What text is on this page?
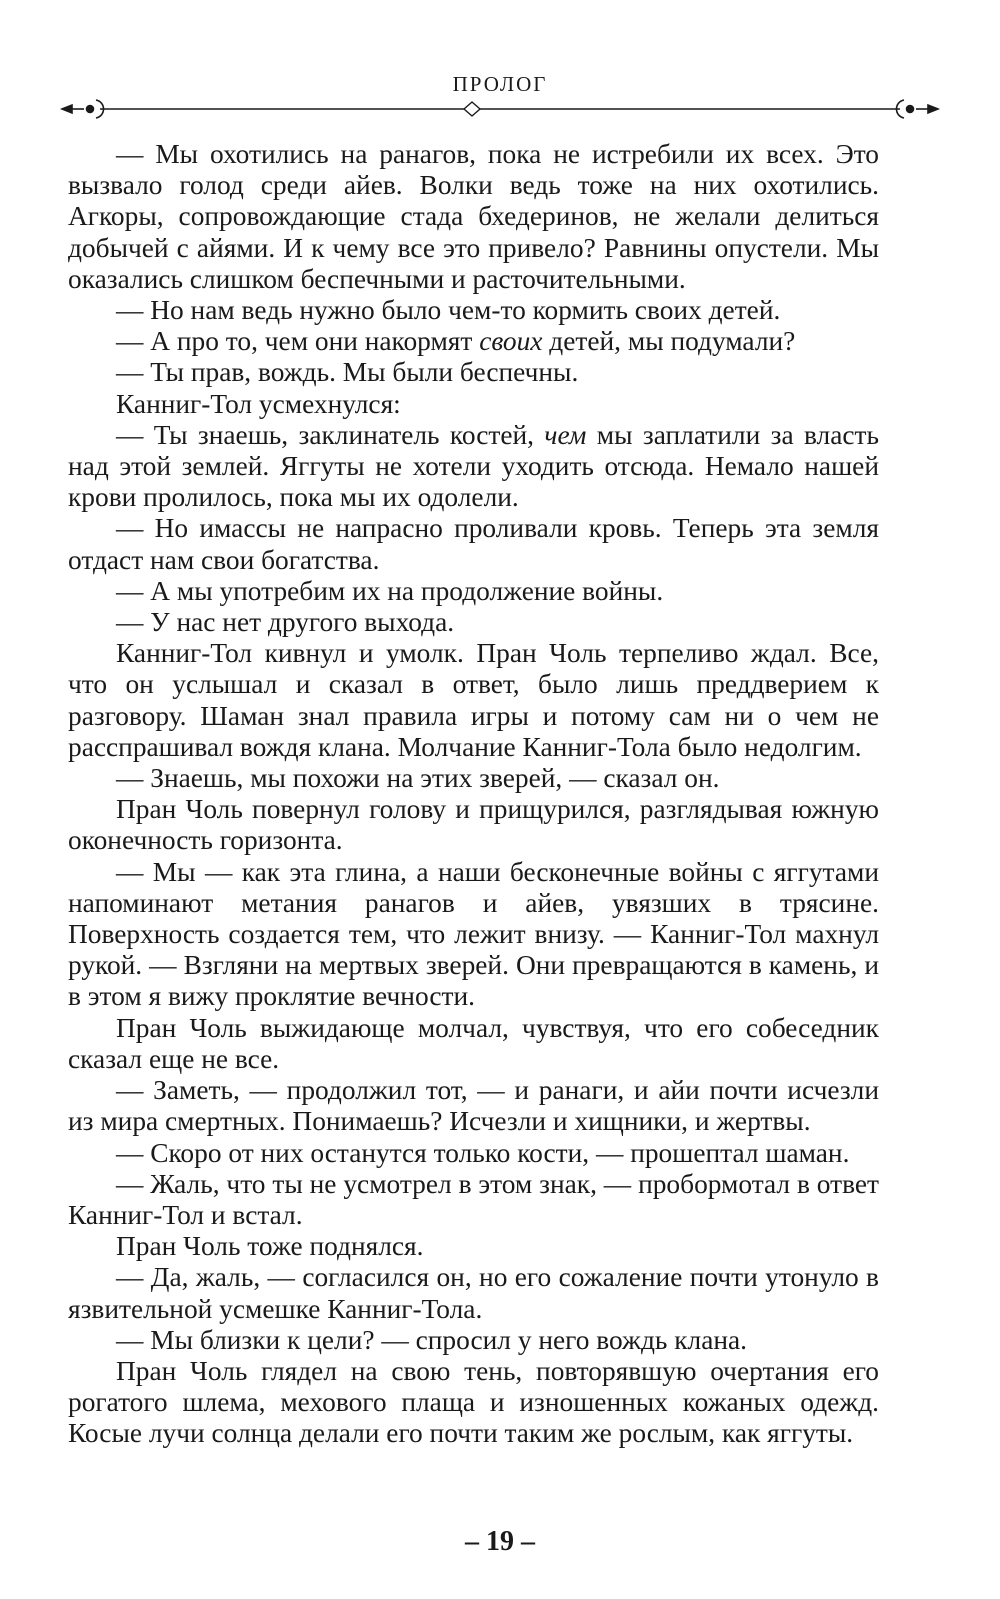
ПРОЛОГ

— Мы охотились на ранагов, пока не истребили их всех. Это вызвало голод среди айев. Волки ведь тоже на них охотились. Агкоры, сопровождающие стада бхедеринов, не желали делиться добычей с айями. И к чему все это привело? Равнины опустели. Мы оказались слишком беспечными и расточительными.

— Но нам ведь нужно было чем-то кормить своих детей.

— А про то, чем они накормят своих детей, мы подумали?

— Ты прав, вождь. Мы были беспечны.

Канниг-Тол усмехнулся:

— Ты знаешь, заклинатель костей, чем мы заплатили за власть над этой землей. Яггуты не хотели уходить отсюда. Немало нашей крови пролилось, пока мы их одолели.

— Но имассы не напрасно проливали кровь. Теперь эта земля отдаст нам свои богатства.

— А мы употребим их на продолжение войны.

— У нас нет другого выхода.

Канниг-Тол кивнул и умолк. Пран Чоль терпеливо ждал. Все, что он услышал и сказал в ответ, было лишь преддверием к разговору. Шаман знал правила игры и потому сам ни о чем не расспрашивал вождя клана. Молчание Канниг-Тола было недолгим.

— Знаешь, мы похожи на этих зверей, — сказал он.

Пран Чоль повернул голову и прищурился, разглядывая южную оконечность горизонта.

— Мы — как эта глина, а наши бесконечные войны с яггутами напоминают метания ранагов и айев, увязших в трясине. Поверхность создается тем, что лежит внизу. — Канниг-Тол махнул рукой. — Взгляни на мертвых зверей. Они превращаются в камень, и в этом я вижу проклятие вечности.

Пран Чоль выжидающе молчал, чувствуя, что его собеседник сказал еще не все.

— Заметь, — продолжил тот, — и ранаги, и айи почти исчезли из мира смертных. Понимаешь? Исчезли и хищники, и жертвы.

— Скоро от них останутся только кости, — прошептал шаман.

— Жаль, что ты не усмотрел в этом знак, — пробормотал в ответ Канниг-Тол и встал.

Пран Чоль тоже поднялся.

— Да, жаль, — согласился он, но его сожаление почти утонуло в язвительной усмешке Канниг-Тола.

— Мы близки к цели? — спросил у него вождь клана.

Пран Чоль глядел на свою тень, повторявшую очертания его рогатого шлема, мехового плаща и изношенных кожаных одежд. Косые лучи солнца делали его почти таким же рослым, как яггуты.

– 19 –
